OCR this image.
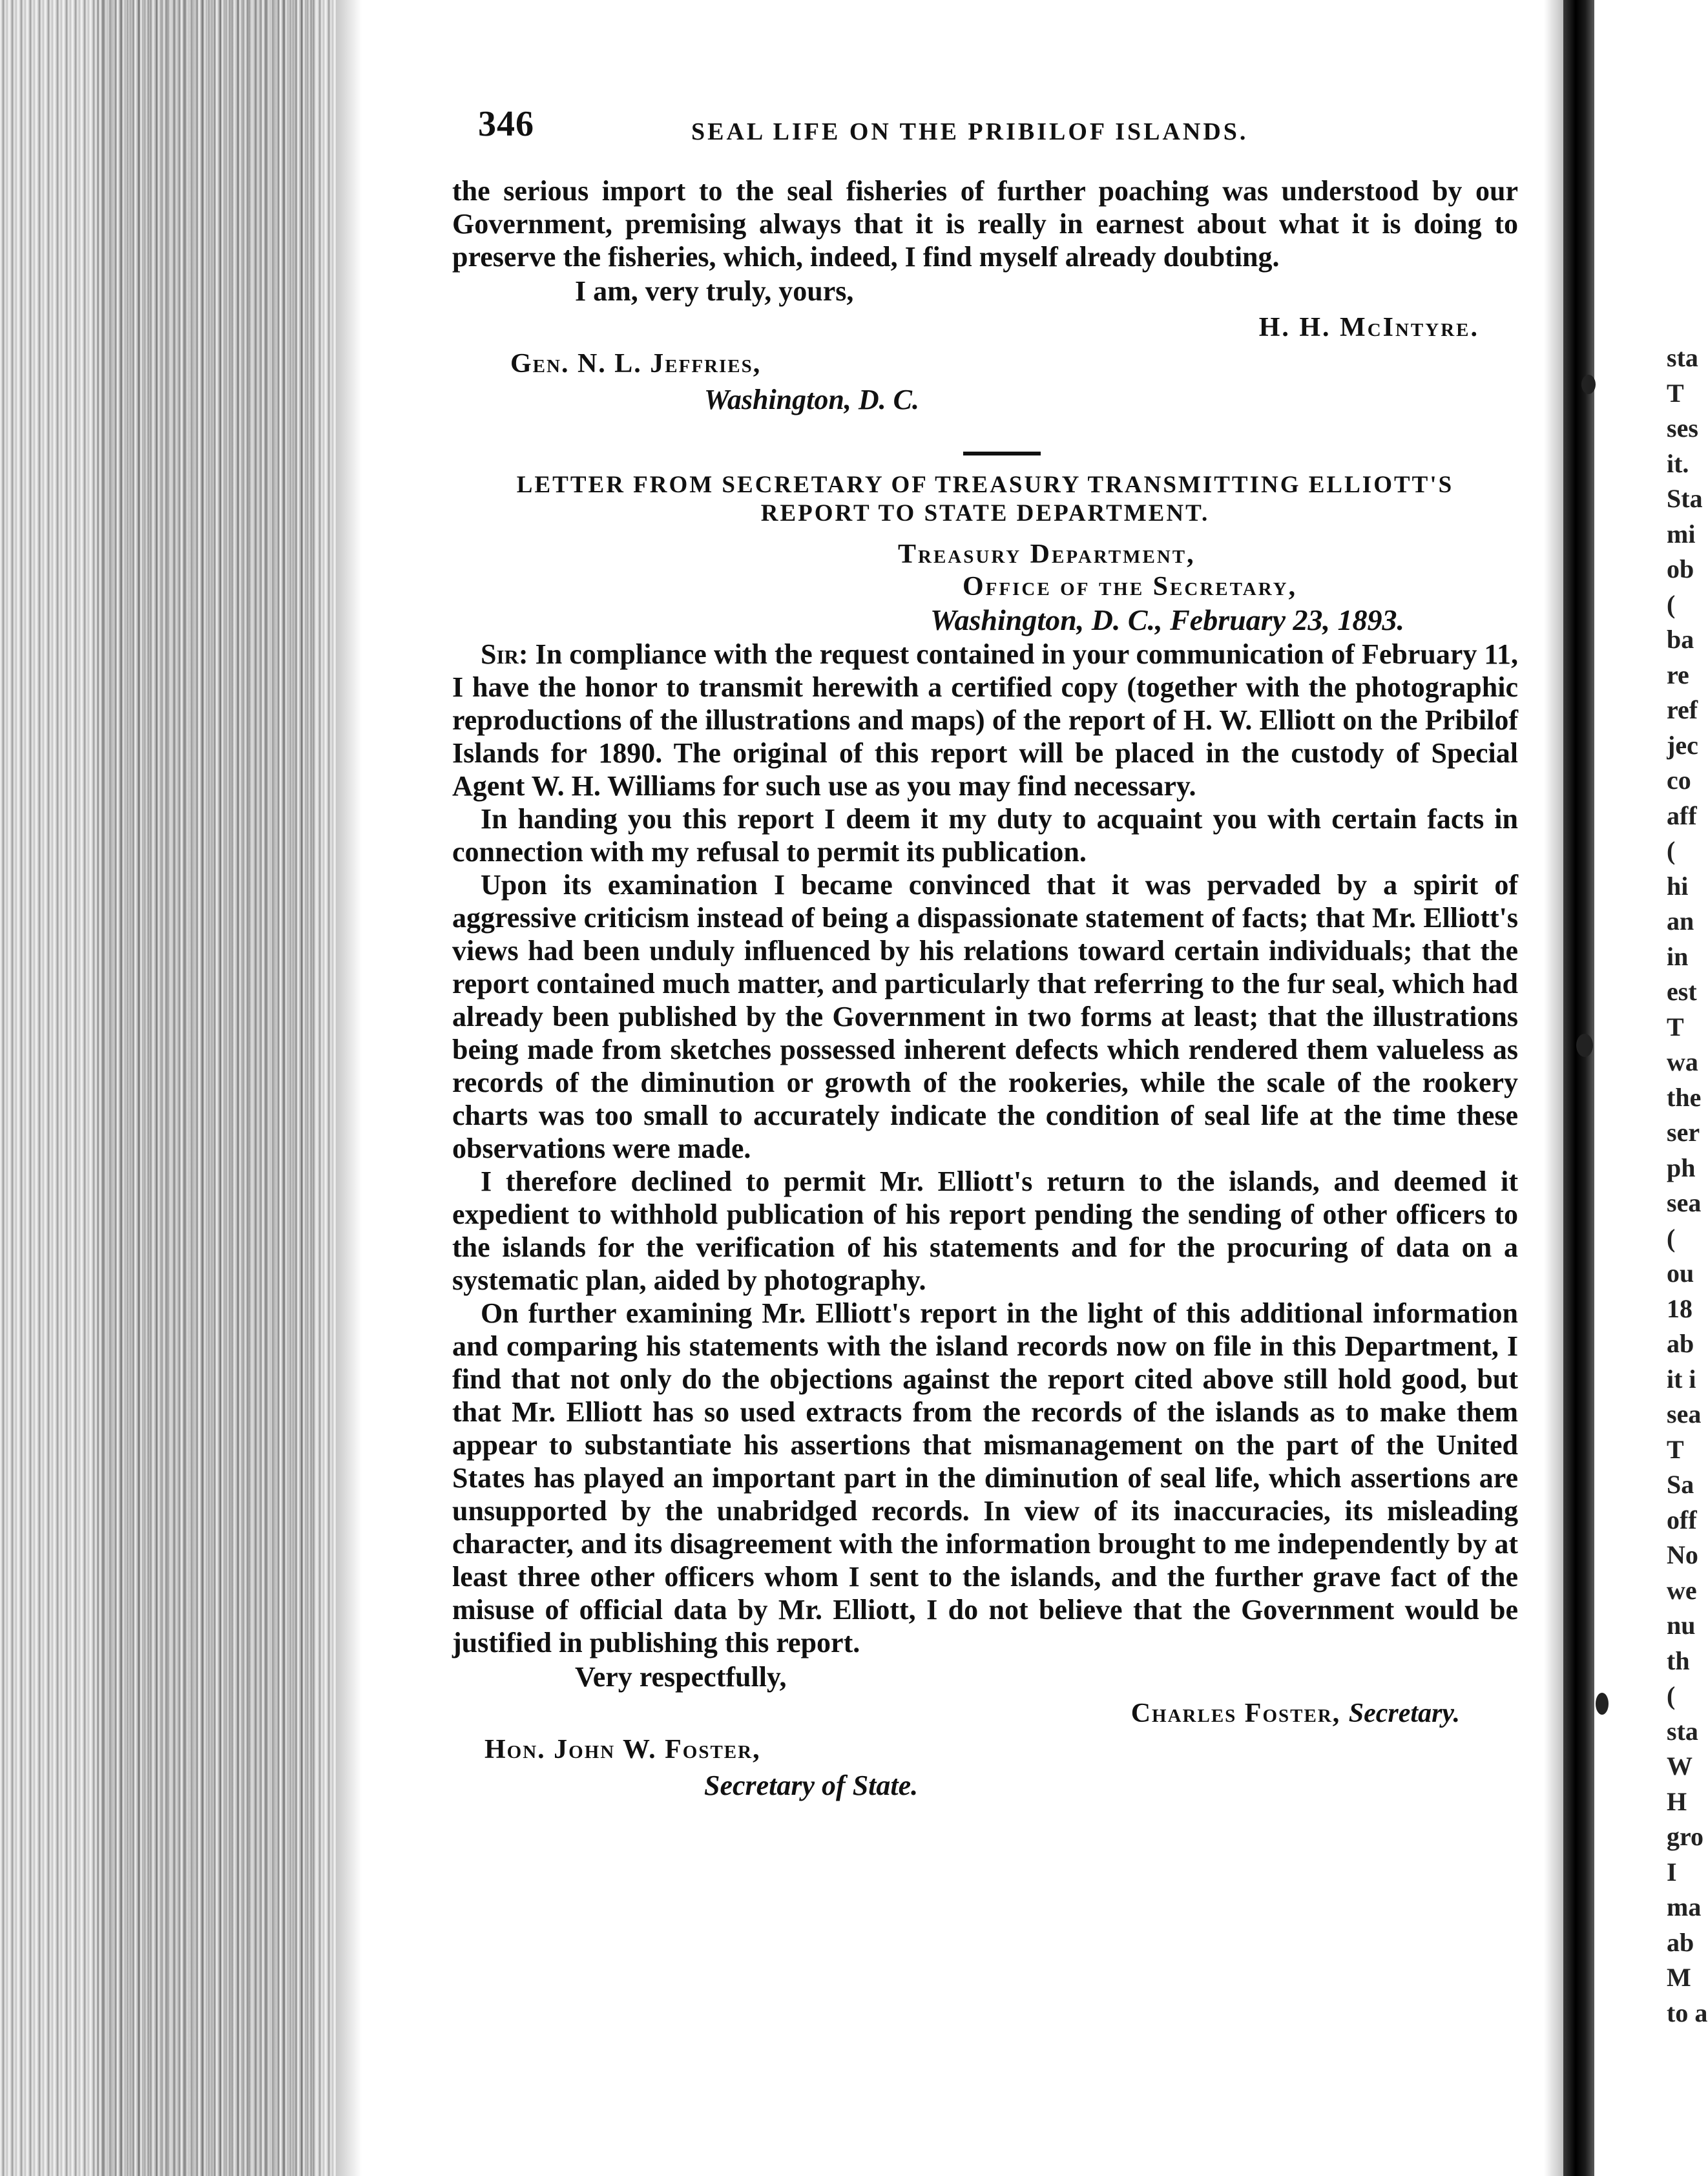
346	SEAL LIFE ON THE PRIBILOF ISLANDS.

the serious import to the seal fisheries of further poaching was understood by our Government, premising always that it is really in earnest about what it is doing to preserve the fisheries, which, indeed, I find myself already doubting.

I am, very truly, yours,
H. H. McIntyre.
Gen. N. L. Jeffries,
Washington, D. C.
LETTER FROM SECRETARY OF TREASURY TRANSMITTING ELLIOTT'S
REPORT TO STATE DEPARTMENT.
Treasury Department,
Office of the Secretary,
Washington, D. C., February 23, 1893.

Sir: In compliance with the request contained in your communication of February 11, I have the honor to transmit herewith a certified copy (together with the photographic reproductions of the illustrations and maps) of the report of H. W. Elliott on the Pribilof Islands for 1890. The original of this report will be placed in the custody of Special Agent W. H. Williams for such use as you may find necessary.

In handing you this report I deem it my duty to acquaint you with certain facts in connection with my refusal to permit its publication.

Upon its examination I became convinced that it was pervaded by a spirit of aggressive criticism instead of being a dispassionate statement of facts; that Mr. Elliott's views had been unduly influenced by his relations toward certain individuals; that the report contained much matter, and particularly that referring to the fur seal, which had already been published by the Government in two forms at least; that the illustrations being made from sketches possessed inherent defects which rendered them valueless as records of the diminution or growth of the rookeries, while the scale of the rookery charts was too small to accurately indicate the condition of seal life at the time these observations were made.

I therefore declined to permit Mr. Elliott's return to the islands, and deemed it expedient to withhold publication of his report pending the sending of other officers to the islands for the verification of his statements and for the procuring of data on a systematic plan, aided by photography.

On further examining Mr. Elliott's report in the light of this additional information and comparing his statements with the island records now on file in this Department, I find that not only do the objections against the report cited above still hold good, but that Mr. Elliott has so used extracts from the records of the islands as to make them appear to substantiate his assertions that mismanagement on the part of the United States has played an important part in the diminution of seal life, which assertions are unsupported by the unabridged records. In view of its inaccuracies, its misleading character, and its disagreement with the information brought to me independently by at least three other officers whom I sent to the islands, and the further grave fact of the misuse of official data by Mr. Elliott, I do not believe that the Government would be justified in publishing this report.

Very respectfully,
Charles Foster, Secretary.
Hon. John W. Foster,
Secretary of State.
sta
T
ses
it.
Sta
mi
ob
(
ba
re
ref
jec
co
aff
(
hi
an
in
est
T
wa
the
ser
ph
sea
(
ou
18
ab
it i
sea
T
Sa
off
No
we
nu
th
(
sta
W
H
gro
I
ma
ab
M
to a
